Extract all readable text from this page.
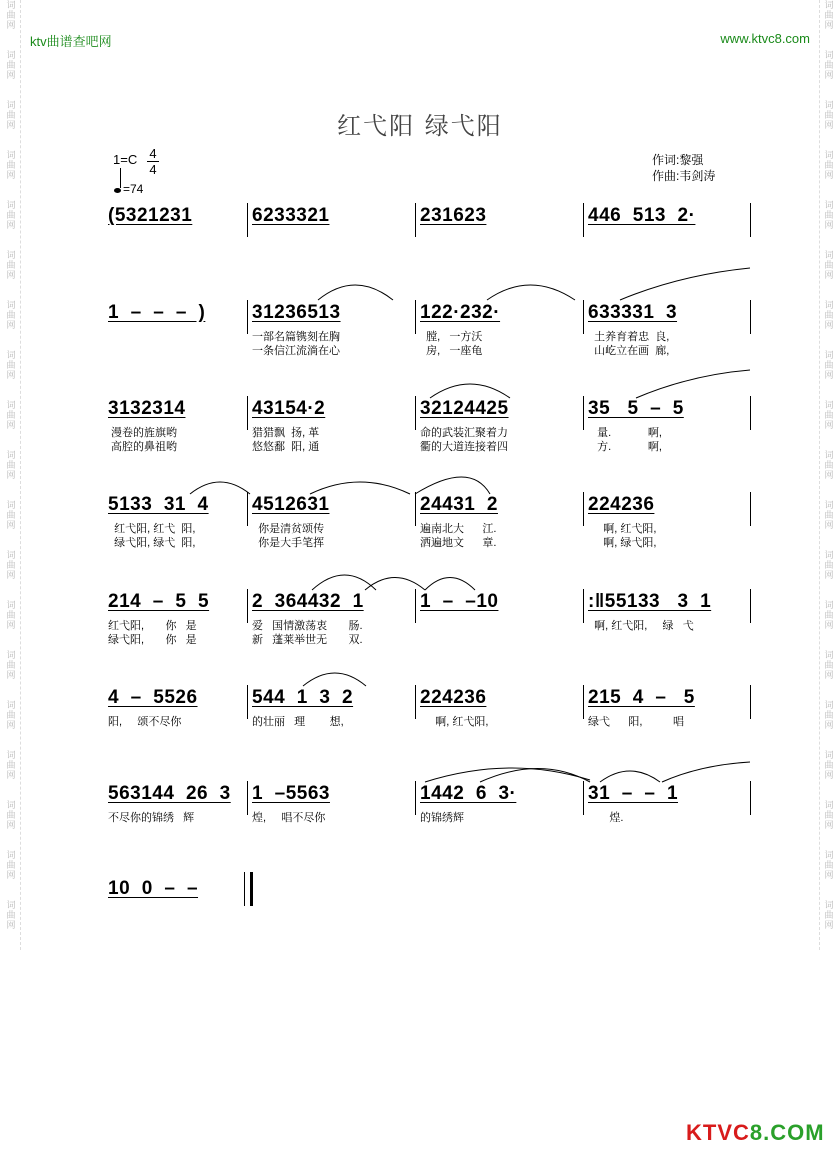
词
曲
网

词
曲
网

词
曲
网

词
曲
网

词
曲
网

词
曲
网

词
曲
网

词
曲
网

词
曲
网

词
曲
网

词
曲
网

词
曲
网

词
曲
网

词
曲
网

词
曲
网

词
曲
网

词
曲
网

词
曲
网

词
曲
网

词
曲
网

词
曲
网

词
曲
网

词
曲
网

词
曲
网

词
曲
网

词
曲
网

词
曲
网

词
曲
网

词
曲
网

词
曲
网

词
曲
网

词
曲
网

词
曲
网

词
曲
网

词
曲
网

词
曲
网

词
曲
网

词
曲
网

ktv曲谱查吧网	www.ktvc8.com
红弋阳 绿弋阳
1=C 4
4
=74
作词:黎强
作曲:韦剑涛
(5321231	6233321	231623	446  513  2·
1  –  –  –  ) 31236513
一部名篇镌刻在胸
一条信江流淌在心
122·232·
膛,   一方沃
房,   一座龟
633331  3
土养育着忠  良,
山屹立在画  廊,
3132314
漫卷的旌旗哟
高腔的鼻祖哟
43154·2
猎猎飘  扬, 革
悠悠鄱  阳, 通
32124425
命的武装汇聚着力
衢的大道连接着四
35   5  –  5
量.            啊,
方.            啊,
5133  31  4
红弋阳, 红弋  阳,
绿弋阳, 绿弋  阳,
4512631
你是清贫颂传
你是大手笔挥
24431  2
遍南北大      江.
洒遍地文      章.
224236
啊, 红弋阳,
啊, 绿弋阳,
214  –  5  5
红弋阳,       你   是
绿弋阳,       你   是
2  364432  1
爱   国情激荡衷       肠.
新   蓬莱举世无       双.
1  –  –10	:‖55133   3  1
啊, 红弋阳,     绿   弋
4  –  5526
阳,     颂不尽你
544  1  3  2
的壮丽   理        想,
224236
啊, 红弋阳,
215  4  –   5
绿弋      阳,          唱
563144  26  3
不尽你的锦绣   辉
1  –5563
煌,     唱不尽你
1442  6  3·
的锦绣辉
31  –  –  1
煌.
10  0  –  –
KTVC8.COM
